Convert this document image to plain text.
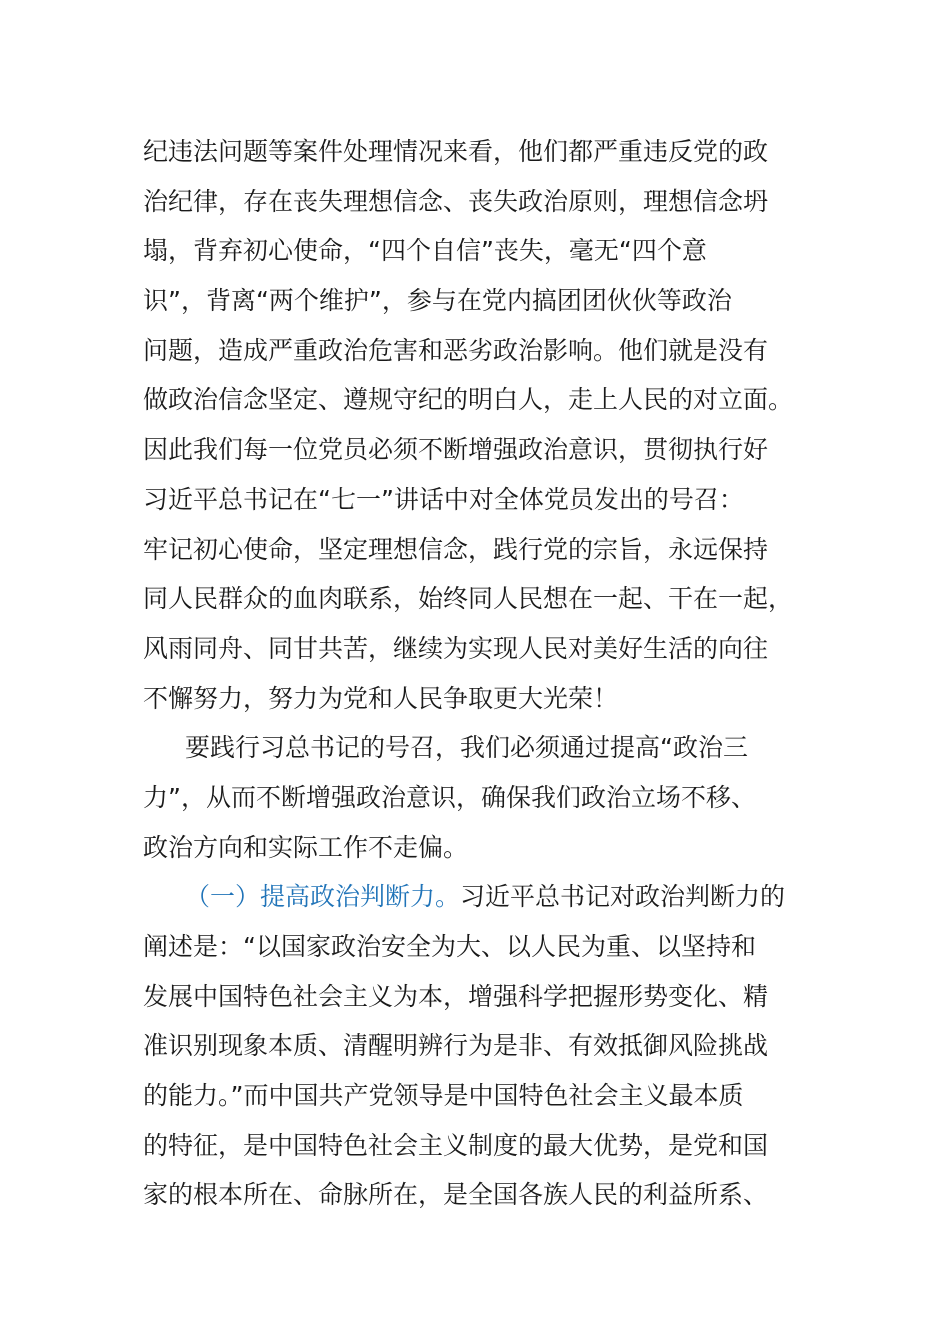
纪违法问题等案件处理情况来看，他们都严重违反党的政
治纪律，存在丧失理想信念、丧失政治原则，理想信念坍
塌，背弃初心使命，“四个自信”丧失，毫无“四个意
识”，背离“两个维护”，参与在党内搞团团伙伙等政治
问题，造成严重政治危害和恶劣政治影响。他们就是没有
做政治信念坚定、遵规守纪的明白人，走上人民的对立面。
因此我们每一位党员必须不断增强政治意识，贯彻执行好
习近平总书记在“七一”讲话中对全体党员发出的号召：
牢记初心使命，坚定理想信念，践行党的宗旨，永远保持
同人民群众的血肉联系，始终同人民想在一起、干在一起，
风雨同舟、同甘共苦，继续为实现人民对美好生活的向往
不懈努力，努力为党和人民争取更大光荣！
要践行习总书记的号召，我们必须通过提高“政治三
力”，从而不断增强政治意识，确保我们政治立场不移、
政治方向和实际工作不走偏。
（一）提高政治判断力。习近平总书记对政治判断力的
阐述是：“以国家政治安全为大、以人民为重、以坚持和
发展中国特色社会主义为本，增强科学把握形势变化、精
准识别现象本质、清醒明辨行为是非、有效抵御风险挑战
的能力。”而中国共产党领导是中国特色社会主义最本质
的特征，是中国特色社会主义制度的最大优势，是党和国
家的根本所在、命脉所在，是全国各族人民的利益所系、
